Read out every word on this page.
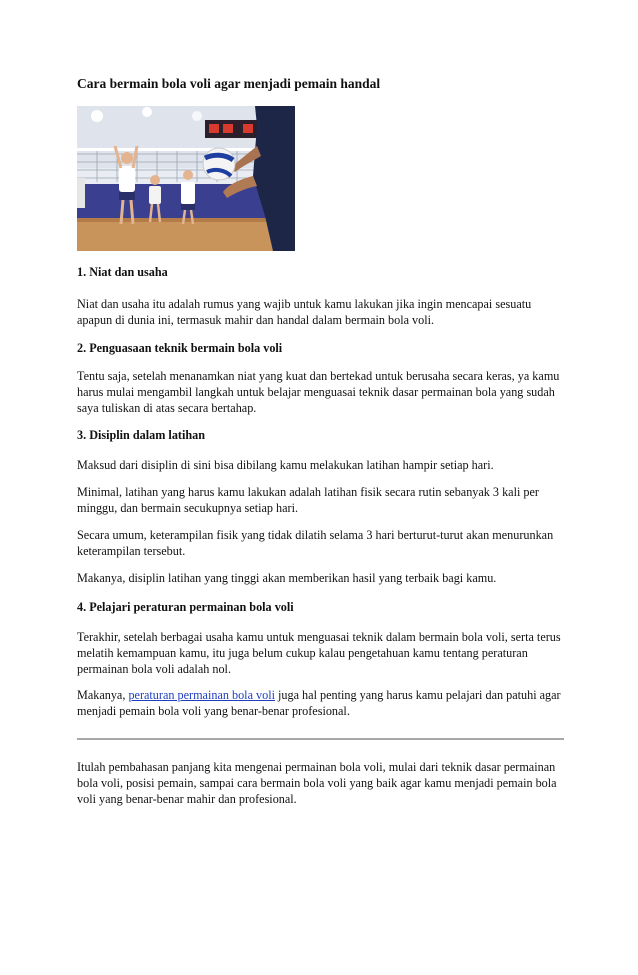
Cara bermain bola voli agar menjadi pemain handal
1. Niat dan usaha

Niat dan usaha itu adalah rumus yang wajib untuk kamu lakukan jika ingin mencapai sesuatu apapun di dunia ini, termasuk mahir dan handal dalam bermain bola voli.

2. Penguasaan teknik bermain bola voli

Tentu saja, setelah menanamkan niat yang kuat dan bertekad untuk berusaha secara keras, ya kamu harus mulai mengambil langkah untuk belajar menguasai teknik dasar permainan bola yang sudah saya tuliskan di atas secara bertahap.

3. Disiplin dalam latihan

Maksud dari disiplin di sini bisa dibilang kamu melakukan latihan hampir setiap hari.

Minimal, latihan yang harus kamu lakukan adalah latihan fisik secara rutin sebanyak 3 kali per minggu, dan bermain secukupnya setiap hari.

Secara umum, keterampilan fisik yang tidak dilatih selama 3 hari berturut-turut akan menurunkan keterampilan tersebut.

Makanya, disiplin latihan yang tinggi akan memberikan hasil yang terbaik bagi kamu.

4. Pelajari peraturan permainan bola voli

Terakhir, setelah berbagai usaha kamu untuk menguasai teknik dalam bermain bola voli, serta terus melatih kemampuan kamu, itu juga belum cukup kalau pengetahuan kamu tentang peraturan permainan bola voli adalah nol.

Makanya, peraturan permainan bola voli juga hal penting yang harus kamu pelajari dan patuhi agar menjadi pemain bola voli yang benar-benar profesional.

Itulah pembahasan panjang kita mengenai permainan bola voli, mulai dari teknik dasar permainan bola voli, posisi pemain, sampai cara bermain bola voli yang baik agar kamu menjadi pemain bola voli yang benar-benar mahir dan profesional.
